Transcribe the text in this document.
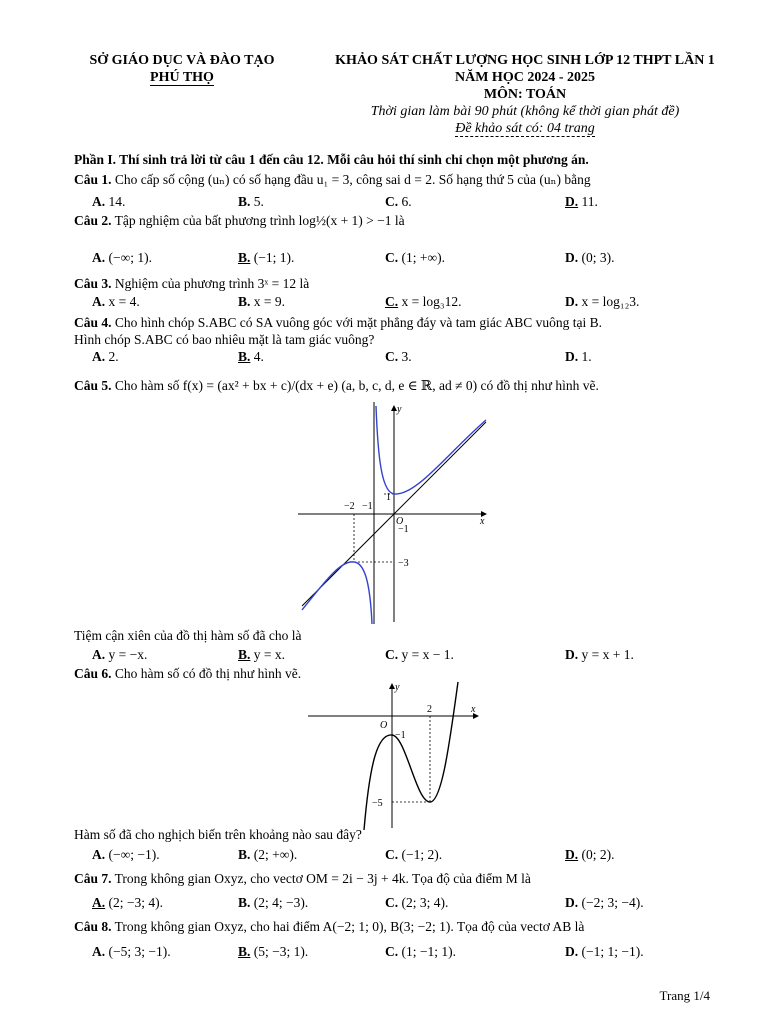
SỞ GIÁO DỤC VÀ ĐÀO TẠO
PHÚ THỌ
KHẢO SÁT CHẤT LƯỢNG HỌC SINH LỚP 12 THPT LẦN 1
NĂM HỌC 2024 - 2025
MÔN: TOÁN
Thời gian làm bài 90 phút (không kể thời gian phát đề)
Đề khảo sát có: 04 trang
Phần I. Thí sinh trả lời từ câu 1 đến câu 12. Mỗi câu hỏi thí sinh chỉ chọn một phương án.
Câu 1. Cho cấp số cộng (uₙ) có số hạng đầu u₁ = 3, công sai d = 2. Số hạng thứ 5 của (uₙ) bằng
A. 14.	B. 5.	C. 6.	D. 11.
Câu 2. Tập nghiệm của bất phương trình log½(x + 1) > −1 là
A. (−∞; 1).	B. (−1; 1).	C. (1; +∞).	D. (0; 3).
Câu 3. Nghiệm của phương trình 3ˣ = 12 là
A. x = 4.	B. x = 9.	C. x = log₃12.	D. x = log₁₂3.
Câu 4. Cho hình chóp S.ABC có SA vuông góc với mặt phẳng đáy và tam giác ABC vuông tại B.
Hình chóp S.ABC có bao nhiêu mặt là tam giác vuông?
A. 2.	B. 4.	C. 3.	D. 1.
Câu 5. Cho hàm số f(x) = (ax² + bx + c)/(dx + e) (a, b, c, d, e ∈ ℝ, ad ≠ 0) có đồ thị như hình vẽ.
x
y
O
−2 −1
1
−1
−3
Tiệm cận xiên của đồ thị hàm số đã cho là
A. y = −x.	B. y = x.	C. y = x − 1.	D. y = x + 1.
Câu 6. Cho hàm số có đồ thị như hình vẽ.
x
y
O
2
−1
−5
Hàm số đã cho nghịch biến trên khoảng nào sau đây?
A. (−∞; −1).	B. (2; +∞).	C. (−1; 2).	D. (0; 2).
Câu 7. Trong không gian Oxyz, cho vectơ OM = 2i − 3j + 4k. Tọa độ của điểm M là
A. (2; −3; 4).	B. (2; 4; −3).	C. (2; 3; 4).	D. (−2; 3; −4).
Câu 8. Trong không gian Oxyz, cho hai điểm A(−2; 1; 0), B(3; −2; 1). Tọa độ của vectơ AB là
A. (−5; 3; −1).	B. (5; −3; 1).	C. (1; −1; 1).	D. (−1; 1; −1).
Trang 1/4
